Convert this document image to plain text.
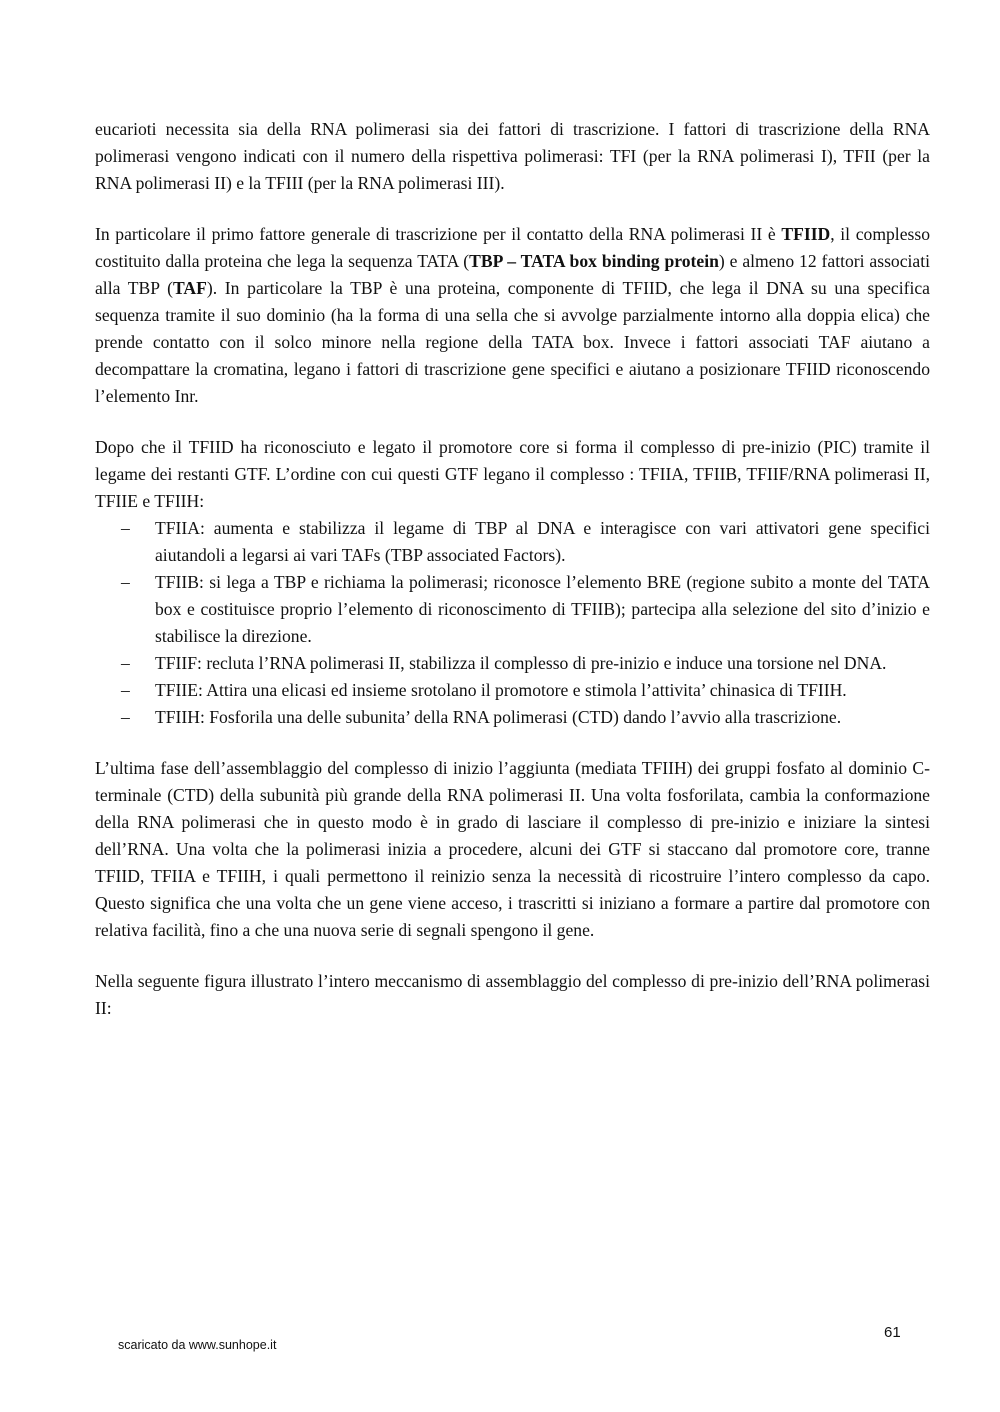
eucarioti necessita sia della RNA polimerasi sia dei fattori di trascrizione. I fattori di trascrizione della RNA polimerasi vengono indicati con il numero della rispettiva polimerasi: TFI (per la RNA polimerasi I), TFII (per la RNA polimerasi II) e la TFIII (per la RNA polimerasi III).

In particolare il primo fattore generale di trascrizione per il contatto della RNA polimerasi II è TFIID, il complesso costituito dalla proteina che lega la sequenza TATA (TBP – TATA box binding protein) e almeno 12 fattori associati alla TBP (TAF). In particolare la TBP è una proteina, componente di TFIID, che lega il DNA su una specifica sequenza tramite il suo dominio (ha la forma di una sella che si avvolge parzialmente intorno alla doppia elica) che prende contatto con il solco minore nella regione della TATA box. Invece i fattori associati TAF aiutano a decompattare la cromatina, legano i fattori di trascrizione gene specifici e aiutano a posizionare TFIID riconoscendo l’elemento Inr.

Dopo che il TFIID ha riconosciuto e legato il promotore core si forma il complesso di pre-inizio (PIC) tramite il legame dei restanti GTF. L’ordine con cui questi GTF legano il complesso : TFIIA, TFIIB, TFIIF/RNA polimerasi II, TFIIE e TFIIH:

– TFIIA: aumenta e stabilizza il legame di TBP al DNA e interagisce con vari attivatori gene specifici aiutandoli a legarsi ai vari TAFs (TBP associated Factors).
– TFIIB: si lega a TBP e richiama la polimerasi; riconosce l’elemento BRE (regione subito a monte del TATA box e costituisce proprio l’elemento di riconoscimento di TFIIB); partecipa alla selezione del sito d’inizio e stabilisce la direzione.
– TFIIF: recluta l’RNA polimerasi II, stabilizza il complesso di pre-inizio e induce una torsione nel DNA.
– TFIIE: Attira una elicasi ed insieme srotolano il promotore e stimola l’attivita’ chinasica di TFIIH.
– TFIIH: Fosforila una delle subunita’ della RNA polimerasi (CTD) dando l’avvio alla trascrizione.

L’ultima fase dell’assemblaggio del complesso di inizio l’aggiunta (mediata TFIIH) dei gruppi fosfato al dominio C-terminale (CTD) della subunità più grande della RNA polimerasi II. Una volta fosforilata, cambia la conformazione della RNA polimerasi che in questo modo è in grado di lasciare il complesso di pre-inizio e iniziare la sintesi dell’RNA. Una volta che la polimerasi inizia a procedere, alcuni dei GTF si staccano dal promotore core, tranne TFIID, TFIIA e TFIIH, i quali permettono il reinizio senza la necessità di ricostruire l’intero complesso da capo. Questo significa che una volta che un gene viene acceso, i trascritti si iniziano a formare a partire dal promotore con relativa facilità, fino a che una nuova serie di segnali spengono il gene.

Nella seguente figura illustrato l’intero meccanismo di assemblaggio del complesso di pre-inizio dell’RNA polimerasi II:

scaricato da www.sunhope.it
61
